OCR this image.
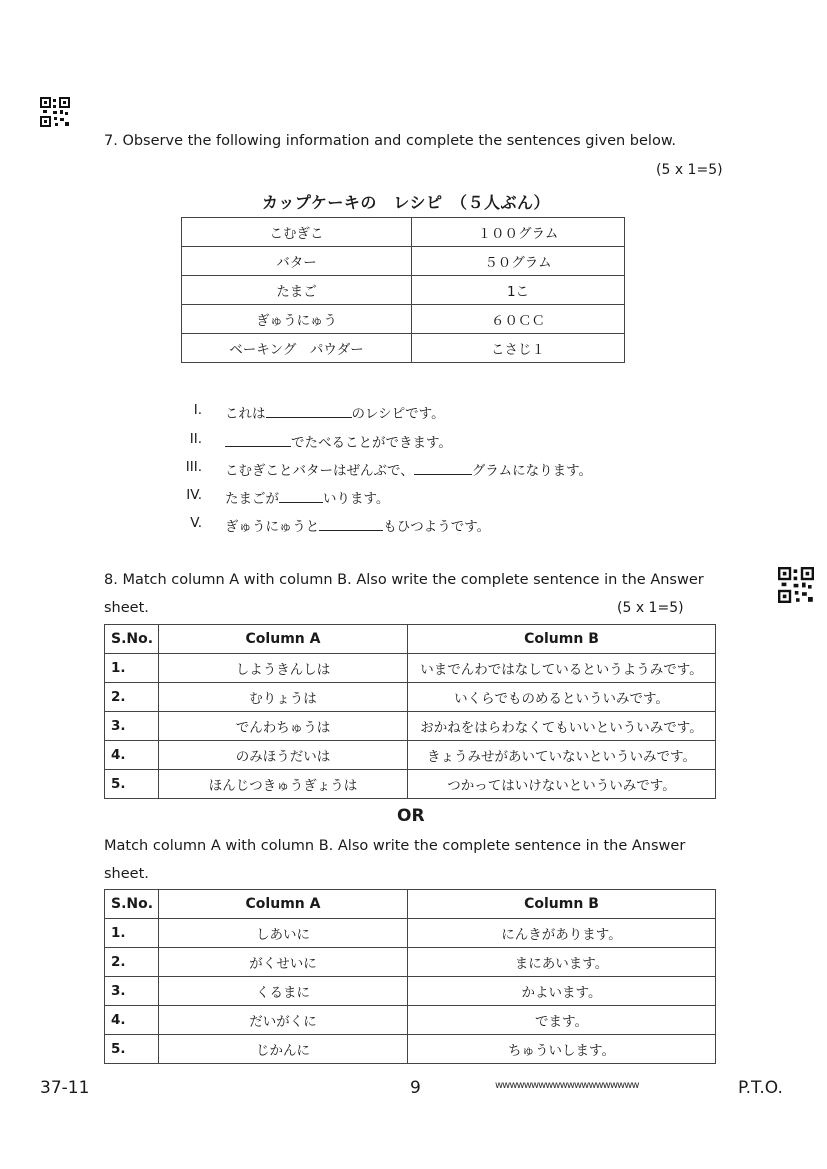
7. Observe the following information and complete the sentences given below.
(5 x 1=5)
カップケーキの　レシピ　（５人ぶん）
こむぎこ	１００グラム
バター	５０グラム
たまご	1こ
ぎゅうにゅう	６０ＣＣ
ベーキング　パウダー	こさじ１
I. これは	のレシピです。
II.	でたべることができます。
III. こむぎことバターはぜんぶで、	グラムになります。
IV. たまごが	いります。
V. ぎゅうにゅうと	もひつようです。
8. Match column A with column B. Also write the complete sentence in the Answer
sheet.	(5 x 1=5)
S.No.	Column A	Column B
1.	しようきんしは	いまでんわではなしているというようみです。
2.	むりょうは	いくらでものめるといういみです。
3.	でんわちゅうは	おかねをはらわなくてもいいといういみです。
4.	のみほうだいは	きょうみせがあいていないといういみです。
5.	ほんじつきゅうぎょうは	つかってはいけないといういみです。
OR
Match column A with column B. Also write the complete sentence in the Answer
sheet.
S.No.	Column A	Column B
1.	しあいに	にんきがあります。
2.	がくせいに	まにあいます。
3.	くるまに	かよいます。
4.	だいがくに	でます。
5.	じかんに	ちゅういします。
37-11	9	wwwwwwwwwwwwwwwwwwww	P.T.O.
